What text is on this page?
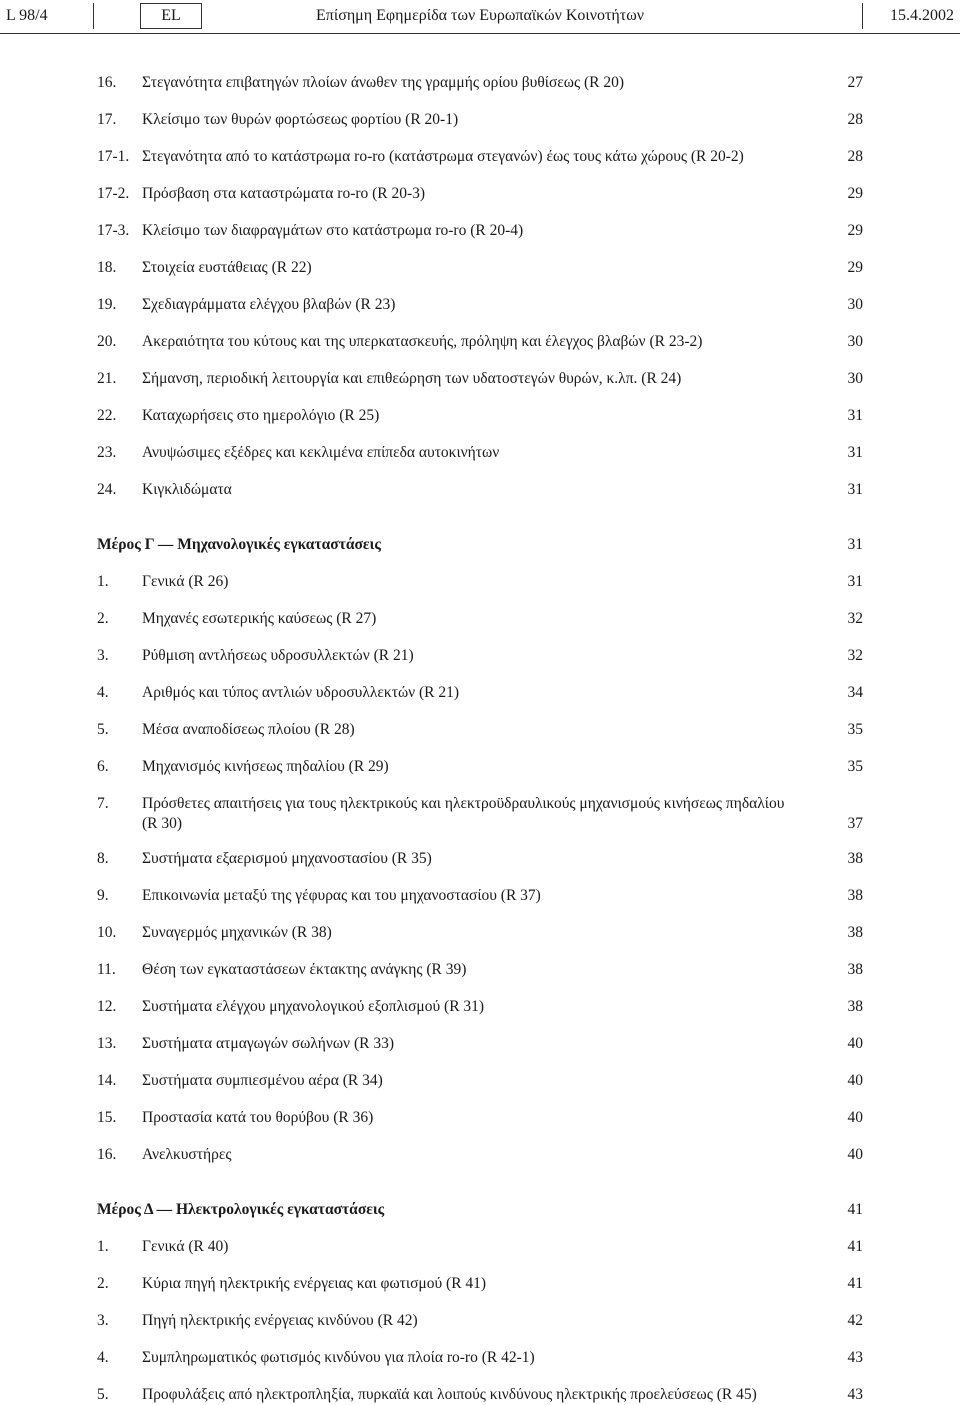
L 98/4	EL	Επίσημη Εφημερίδα των Ευρωπαϊκών Κοινοτήτων	15.4.2002
16. Στεγανότητα επιβατηγών πλοίων άνωθεν της γραμμής ορίου βυθίσεως (R 20)	27
17. Κλείσιμο των θυρών φορτώσεως φορτίου (R 20-1)	28
17-1. Στεγανότητα από το κατάστρωμα ro-ro (κατάστρωμα στεγανών) έως τους κάτω χώρους (R 20-2)	28
17-2. Πρόσβαση στα καταστρώματα ro-ro (R 20-3)	29
17-3. Κλείσιμο των διαφραγμάτων στο κατάστρωμα ro-ro (R 20-4)	29
18. Στοιχεία ευστάθειας (R 22)	29
19. Σχεδιαγράμματα ελέγχου βλαβών (R 23)	30
20. Ακεραιότητα του κύτους και της υπερκατασκευής, πρόληψη και έλεγχος βλαβών (R 23-2)	30
21. Σήμανση, περιοδική λειτουργία και επιθεώρηση των υδατοστεγών θυρών, κ.λπ. (R 24)	30
22. Καταχωρήσεις στο ημερολόγιο (R 25)	31
23. Ανυψώσιμες εξέδρες και κεκλιμένα επίπεδα αυτοκινήτων	31
24. Κιγκλιδώματα	31
Μέρος Γ — Μηχανολογικές εγκαταστάσεις	31
1. Γενικά (R 26)	31
2. Μηχανές εσωτερικής καύσεως (R 27)	32
3. Ρύθμιση αντλήσεως υδροσυλλεκτών (R 21)	32
4. Αριθμός και τύπος αντλιών υδροσυλλεκτών (R 21)	34
5. Μέσα αναποδίσεως πλοίου (R 28)	35
6. Μηχανισμός κινήσεως πηδαλίου (R 29)	35
7. Πρόσθετες απαιτήσεις για τους ηλεκτρικούς και ηλεκτροϋδραυλικούς μηχανισμούς κινήσεως πηδαλίου
(R 30)	37
8. Συστήματα εξαερισμού μηχανοστασίου (R 35)	38
9. Επικοινωνία μεταξύ της γέφυρας και του μηχανοστασίου (R 37)	38
10. Συναγερμός μηχανικών (R 38)	38
11. Θέση των εγκαταστάσεων έκτακτης ανάγκης (R 39)	38
12. Συστήματα ελέγχου μηχανολογικού εξοπλισμού (R 31)	38
13. Συστήματα ατμαγωγών σωλήνων (R 33)	40
14. Συστήματα συμπιεσμένου αέρα (R 34)	40
15. Προστασία κατά του θορύβου (R 36)	40
16. Ανελκυστήρες	40
Μέρος Δ — Ηλεκτρολογικές εγκαταστάσεις	41
1. Γενικά (R 40)	41
2. Κύρια πηγή ηλεκτρικής ενέργειας και φωτισμού (R 41)	41
3. Πηγή ηλεκτρικής ενέργειας κινδύνου (R 42)	42
4. Συμπληρωματικός φωτισμός κινδύνου για πλοία ro-ro (R 42-1)	43
5. Προφυλάξεις από ηλεκτροπληξία, πυρκαϊά και λοιπούς κινδύνους ηλεκτρικής προελεύσεως (R 45)	43
